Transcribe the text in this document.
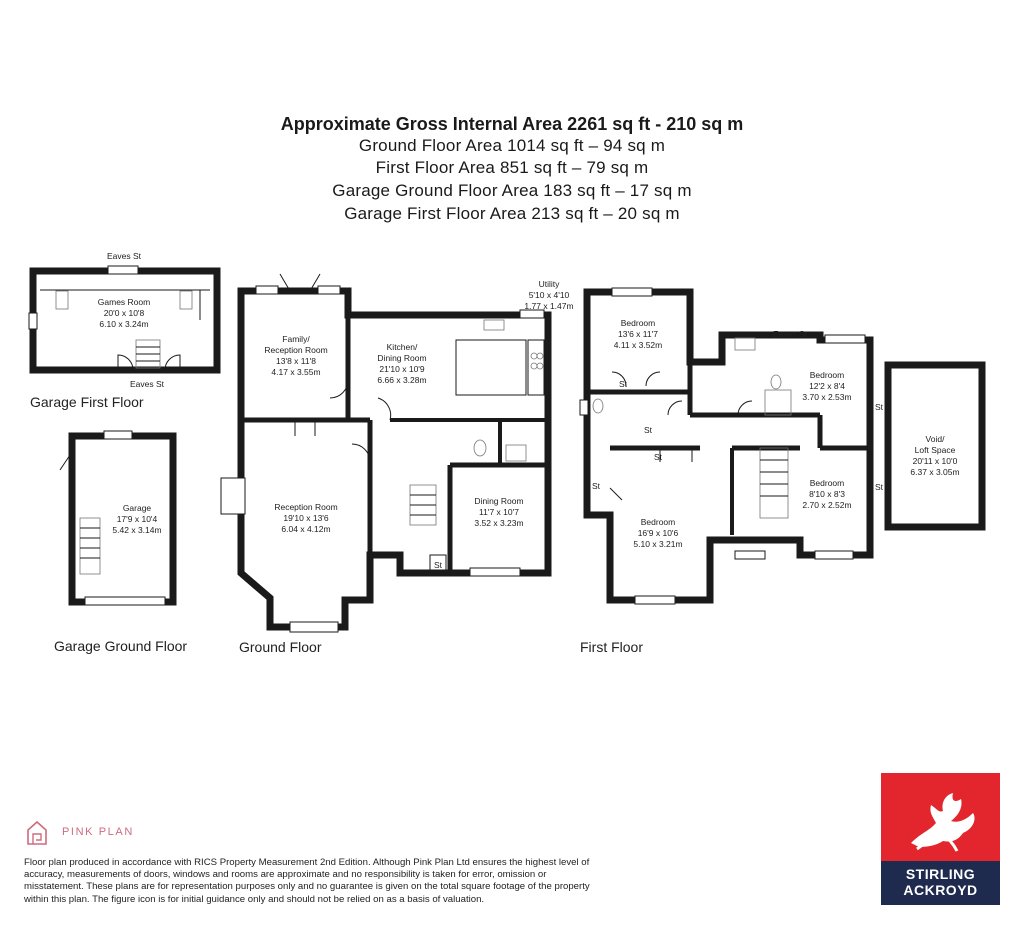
Approximate Gross Internal Area 2261 sq ft - 210 sq m
Ground Floor Area 1014 sq ft – 94 sq m
First Floor Area 851 sq ft – 79 sq m
Garage Ground Floor Area 183 sq ft – 17 sq m
Garage First Floor Area 213 sq ft – 20 sq m
Eaves St
Games Room
20'0 x 10'8
6.10 x 3.24m
Eaves St
Garage First Floor
Garage
17'9 x 10'4
5.42 x 3.14m
Garage Ground Floor
Utility
5'10 x 4'10
1.77 x 1.47m
Family/
Reception Room
13'8 x 11'8
4.17 x 3.55m
Kitchen/
Dining Room
21'10 x 10'9
6.66 x 3.28m
Reception Room
19'10 x 13'6
6.04 x 4.12m
Dining Room
11'7 x 10'7
3.52 x 3.23m
St
Ground Floor
Bedroom
13'6 x 11'7
4.11 x 3.52m
St
St
St
St
Bedroom
16'9 x 10'6
5.10 x 3.21m
Eaves St
Bedroom
12'2 x 8'4
3.70 x 2.53m
St
Bedroom
8'10 x 8'3
2.70 x 2.52m
St
Void/
Loft Space
20'11 x 10'0
6.37 x 3.05m
First Floor
PINK PLAN
Floor plan produced in accordance with RICS Property Measurement 2nd Edition. Although Pink Plan Ltd ensures the highest level of accuracy, measurements of doors, windows and rooms are approximate and no responsibility is taken for error, omission or misstatement. These plans are for representation purposes only and no guarantee is given on the total square footage of the property within this plan. The figure icon is for initial guidance only and should not be relied on as a basis of valuation.
STIRLING
ACKROYD
